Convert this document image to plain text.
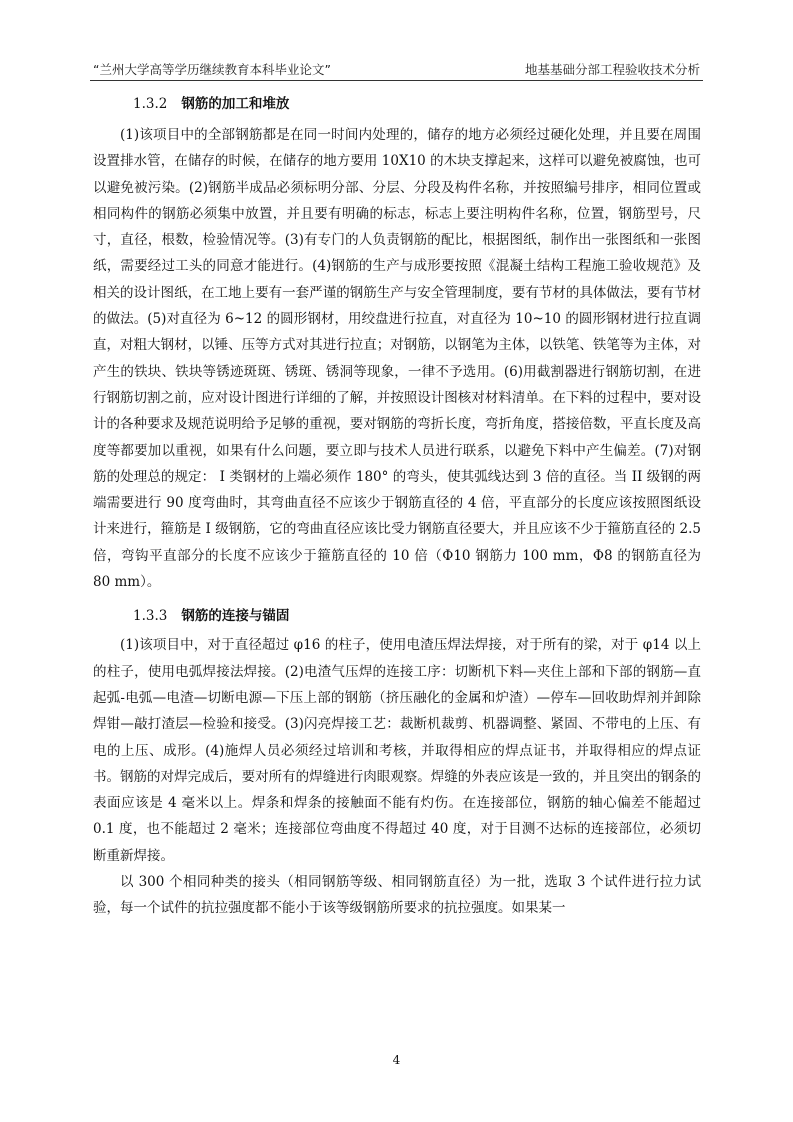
“兰州大学高等学历继续教育本科毕业论文”	地基基础分部工程验收技术分析
1.3.2 钢筋的加工和堆放

(1)该项目中的全部钢筋都是在同一时间内处理的，储存的地方必须经过硬化处理，并且要在周围设置排水管，在储存的时候，在储存的地方要用 10X10 的木块支撑起来，这样可以避免被腐蚀，也可以避免被污染。(2)钢筋半成品必须标明分部、分层、分段及构件名称，并按照编号排序，相同位置或相同构件的钢筋必须集中放置，并且要有明确的标志，标志上要注明构件名称，位置，钢筋型号，尺寸，直径，根数，检验情况等。(3)有专门的人负责钢筋的配比，根据图纸，制作出一张图纸和一张图纸，需要经过工头的同意才能进行。(4)钢筋的生产与成形要按照《混凝土结构工程施工验收规范》及相关的设计图纸，在工地上要有一套严谨的钢筋生产与安全管理制度，要有节材的具体做法，要有节材的做法。(5)对直径为 6~12 的圆形钢材，用绞盘进行拉直，对直径为 10~10 的圆形钢材进行拉直调直，对粗大钢材，以锤、压等方式对其进行拉直；对钢筋，以钢笔为主体，以铁笔、铁笔等为主体，对产生的铁块、铁块等锈迹斑斑、锈斑、锈洞等现象，一律不予选用。(6)用截割器进行钢筋切割，在进行钢筋切割之前，应对设计图进行详细的了解，并按照设计图核对材料清单。在下料的过程中，要对设计的各种要求及规范说明给予足够的重视，要对钢筋的弯折长度，弯折角度，搭接倍数，平直长度及高度等都要加以重视，如果有什么问题，要立即与技术人员进行联系，以避免下料中产生偏差。(7)对钢筋的处理总的规定： I 类钢材的上端必须作 180° 的弯头，使其弧线达到 3 倍的直径。当 II 级钢的两端需要进行 90 度弯曲时，其弯曲直径不应该少于钢筋直径的 4 倍，平直部分的长度应该按照图纸设计来进行，箍筋是 I 级钢筋，它的弯曲直径应该比受力钢筋直径要大，并且应该不少于箍筋直径的 2.5 倍，弯钩平直部分的长度不应该少于箍筋直径的 10 倍（Φ10 钢筋力 100 mm，Φ8 的钢筋直径为 80 mm）。

1.3.3 钢筋的连接与锚固

(1)该项目中，对于直径超过 φ16 的柱子，使用电渣压焊法焊接，对于所有的梁，对于 φ14 以上的柱子，使用电弧焊接法焊接。(2)电渣气压焊的连接工序：切断机下料—夹住上部和下部的钢筋—直起弧-电弧—电渣—切断电源—下压上部的钢筋（挤压融化的金属和炉渣）—停车—回收助焊剂并卸除焊钳—敲打渣层—检验和接受。(3)闪亮焊接工艺：裁断机裁剪、机器调整、紧固、不带电的上压、有电的上压、成形。(4)施焊人员必须经过培训和考核，并取得相应的焊点证书，并取得相应的焊点证书。钢筋的对焊完成后，要对所有的焊缝进行肉眼观察。焊缝的外表应该是一致的，并且突出的钢条的表面应该是 4 毫米以上。焊条和焊条的接触面不能有灼伤。在连接部位，钢筋的轴心偏差不能超过 0.1 度，也不能超过 2 毫米；连接部位弯曲度不得超过 40 度，对于目测不达标的连接部位，必须切断重新焊接。

以 300 个相同种类的接头（相同钢筋等级、相同钢筋直径）为一批，选取 3 个试件进行拉力试验，每一个试件的抗拉强度都不能小于该等级钢筋所要求的抗拉强度。如果某一

4
